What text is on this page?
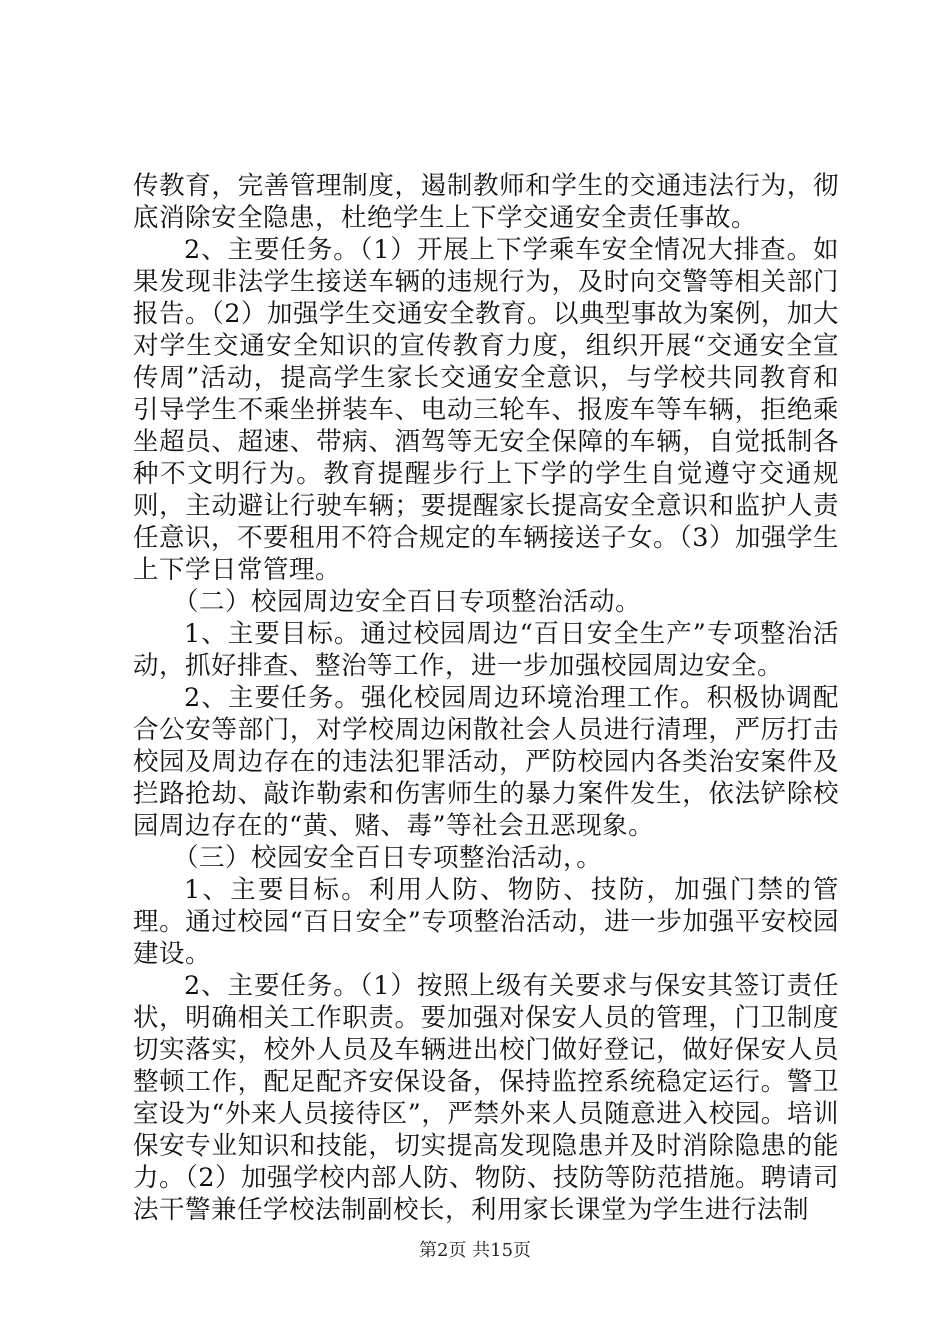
传教育，完善管理制度，遏制教师和学生的交通违法行为，彻底消除安全隐患，杜绝学生上下学交通安全责任事故。

2、主要任务。（1）开展上下学乘车安全情况大排查。如果发现非法学生接送车辆的违规行为，及时向交警等相关部门报告。（2）加强学生交通安全教育。以典型事故为案例，加大对学生交通安全知识的宣传教育力度，组织开展“交通安全宣传周”活动，提高学生家长交通安全意识，与学校共同教育和引导学生不乘坐拼装车、电动三轮车、报废车等车辆，拒绝乘坐超员、超速、带病、酒驾等无安全保障的车辆，自觉抵制各种不文明行为。教育提醒步行上下学的学生自觉遵守交通规则，主动避让行驶车辆；要提醒家长提高安全意识和监护人责任意识，不要租用不符合规定的车辆接送子女。（3）加强学生上下学日常管理。

（二）校园周边安全百日专项整治活动。

1、主要目标。通过校园周边“百日安全生产”专项整治活动，抓好排查、整治等工作，进一步加强校园周边安全。

2、主要任务。强化校园周边环境治理工作。积极协调配合公安等部门，对学校周边闲散社会人员进行清理，严厉打击校园及周边存在的违法犯罪活动，严防校园内各类治安案件及拦路抢劫、敲诈勒索和伤害师生的暴力案件发生，依法铲除校园周边存在的“黄、赌、毒”等社会丑恶现象。

（三）校园安全百日专项整治活动，。

1、主要目标。利用人防、物防、技防，加强门禁的管理。通过校园“百日安全”专项整治活动，进一步加强平安校园建设。

2、主要任务。（1）按照上级有关要求与保安其签订责任状，明确相关工作职责。要加强对保安人员的管理，门卫制度切实落实，校外人员及车辆进出校门做好登记，做好保安人员整顿工作，配足配齐安保设备，保持监控系统稳定运行。警卫室设为“外来人员接待区”，严禁外来人员随意进入校园。培训保安专业知识和技能，切实提高发现隐患并及时消除隐患的能力。（2）加强学校内部人防、物防、技防等防范措施。聘请司法干警兼任学校法制副校长，利用家长课堂为学生进行法制

第2页 共15页
